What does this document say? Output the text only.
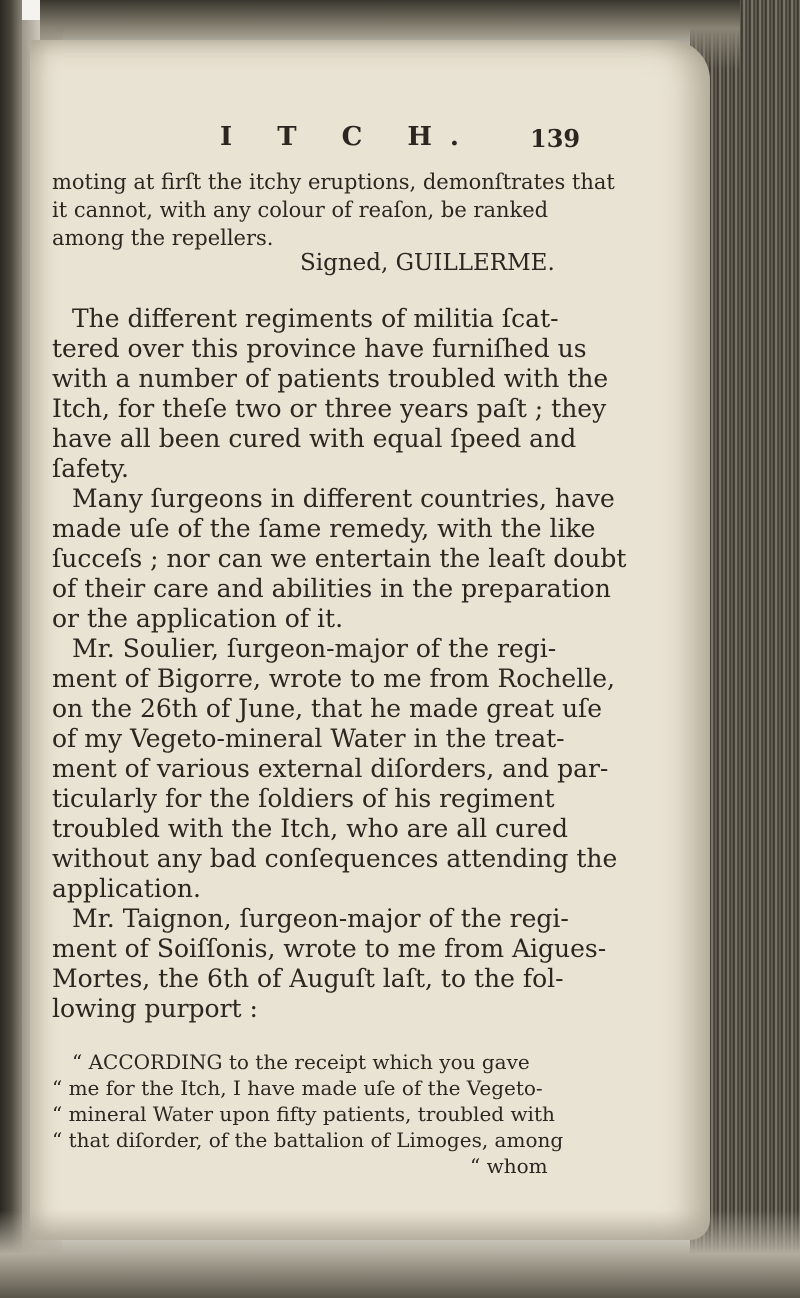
I T C H. 139
moting at firſt the itchy eruptions, demonſtrates that
it cannot, with any colour of reaſon, be ranked
among the repellers.
Signed, GUILLERME.
The different regiments of militia ſcat-
tered over this province have furniſhed us
with a number of patients troubled with the
Itch, for theſe two or three years paſt ; they
have all been cured with equal ſpeed and
ſafety.
Many ſurgeons in different countries, have
made uſe of the ſame remedy, with the like
ſucceſs ; nor can we entertain the leaſt doubt
of their care and abilities in the preparation
or the application of it.
Mr. Soulier, ſurgeon-major of the regi-
ment of Bigorre, wrote to me from Rochelle,
on the 26th of June, that he made great uſe
of my Vegeto-mineral Water in the treat-
ment of various external diſorders, and par-
ticularly for the ſoldiers of his regiment
troubled with the Itch, who are all cured
without any bad conſequences attending the
application.
Mr. Taignon, ſurgeon-major of the regi-
ment of Soiſſonis, wrote to me from Aigues-
Mortes, the 6th of Auguſt laſt, to the fol-
lowing purport :
“ ACCORDING to the receipt which you gave
“ me for the Itch, I have made uſe of the Vegeto-
“ mineral Water upon fifty patients, troubled with
“ that diſorder, of the battalion of Limoges, among
“ whom
